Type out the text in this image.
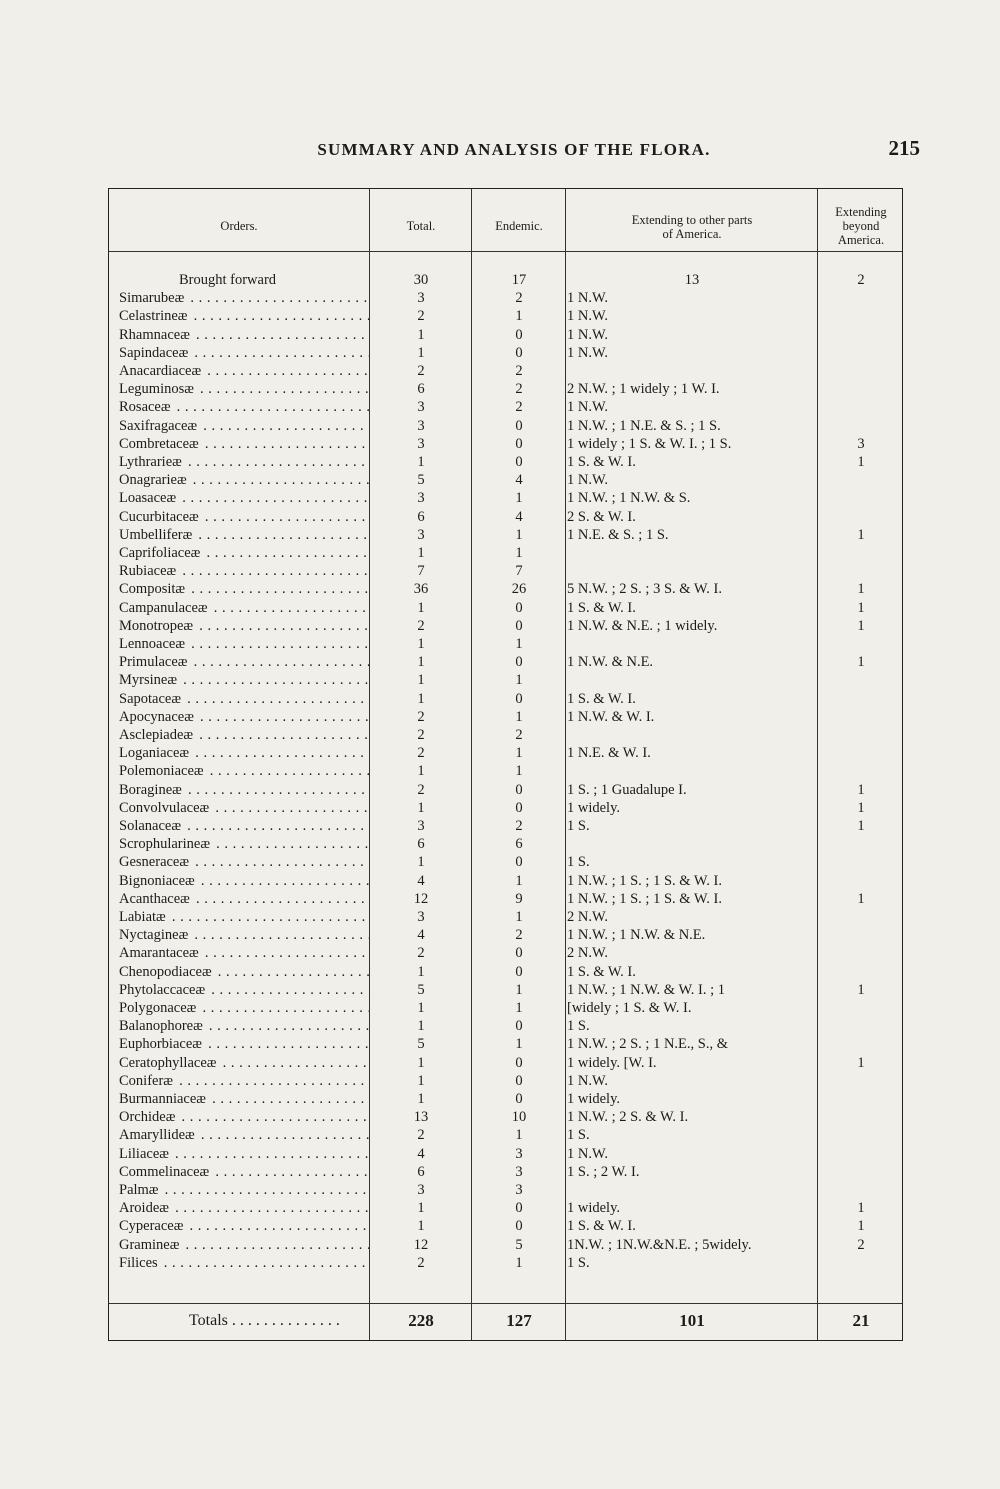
SUMMARY AND ANALYSIS OF THE FLORA.	215
Orders.	Total.	Endemic.	Extending to other parts
of America.
Extending
beyond
America.
Brought forward	30	17	13	2
Simarubeæ . . .	3	2	1 N.W.
Celastrineæ . . .	2	1	1 N.W.
Rhamnaceæ . . .	1	0	1 N.W.
Sapindaceæ . . .	1	0	1 N.W.
Anacardiaceæ . . .	2	2
Leguminosæ . . .	6	2	2 N.W. ; 1 widely ; 1 W. I.
Rosaceæ . . .	3	2	1 N.W.
Saxifragaceæ . . .	3	0	1 N.W. ; 1 N.E. & S. ; 1 S.
Combretaceæ . . .	3	0	1 widely ; 1 S. & W. I. ; 1 S.	3
Lythrarieæ . . .	1	0	1 S. & W. I.	1
Onagrarieæ . . .	5	4	1 N.W.
Loasaceæ . . .	3	1	1 N.W. ; 1 N.W. & S.
Cucurbitaceæ . . .	6	4	2 S. & W. I.
Umbelliferæ . . .	3	1	1 N.E. & S. ; 1 S.	1
Caprifoliaceæ . . .	1	1
Rubiaceæ . . .	7	7
Compositæ . . .	36	26	5 N.W. ; 2 S. ; 3 S. & W. I.	1
Campanulaceæ . . .	1	0	1 S. & W. I.	1
Monotropeæ . . .	2	0	1 N.W. & N.E. ; 1 widely.	1
Lennoaceæ . . .	1	1
Primulaceæ . . .	1	0	1 N.W. & N.E.	1
Myrsineæ . . .	1	1
Sapotaceæ . . .	1	0	1 S. & W. I.
Apocynaceæ . . .	2	1	1 N.W. & W. I.
Asclepiadeæ . . .	2	2
Loganiaceæ . . .	2	1	1 N.E. & W. I.
Polemoniaceæ . . .	1	1
Boragineæ . . .	2	0	1 S. ; 1 Guadalupe I.	1
Convolvulaceæ . . .	1	0	1 widely.	1
Solanaceæ . . .	3	2	1 S.	1
Scrophularineæ . . .	6	6
Gesneraceæ . . .	1	0	1 S.
Bignoniaceæ . . .	4	1	1 N.W. ; 1 S. ; 1 S. & W. I.
Acanthaceæ . . .	12	9	1 N.W. ; 1 S. ; 1 S. & W. I.	1
Labiatæ . . .	3	1	2 N.W.
Nyctagineæ . . .	4	2	1 N.W. ; 1 N.W. & N.E.
Amarantaceæ . . .	2	0	2 N.W.
Chenopodiaceæ . . .	1	0	1 S. & W. I.
Phytolaccaceæ . . .	5	1	1 N.W. ; 1 N.W. & W. I. ; 1	1
Polygonaceæ . . .	1	1	[widely ; 1 S. & W. I.
Balanophoreæ . . .	1	0	1 S.
Euphorbiaceæ . . .	5	1	1 N.W. ; 2 S. ; 1 N.E., S., &
Ceratophyllaceæ . . .	1	0	1 widely. [W. I.	1
Coniferæ . . .	1	0	1 N.W.
Burmanniaceæ . . .	1	0	1 widely.
Orchideæ . . .	13	10	1 N.W. ; 2 S. & W. I.
Amaryllideæ . . .	2	1	1 S.
Liliaceæ . . .	4	3	1 N.W.
Commelinaceæ . . .	6	3	1 S. ; 2 W. I.
Palmæ . . .	3	3
Aroideæ . . .	1	0	1 widely.	1
Cyperaceæ . . .	1	0	1 S. & W. I.	1
Gramineæ . . .	12	5	1N.W. ; 1N.W.&N.E. ; 5widely.	2
Filices . . .	2	1	1 S.
Totals . . . . . . . . . . . . . .	228	127	101	21
